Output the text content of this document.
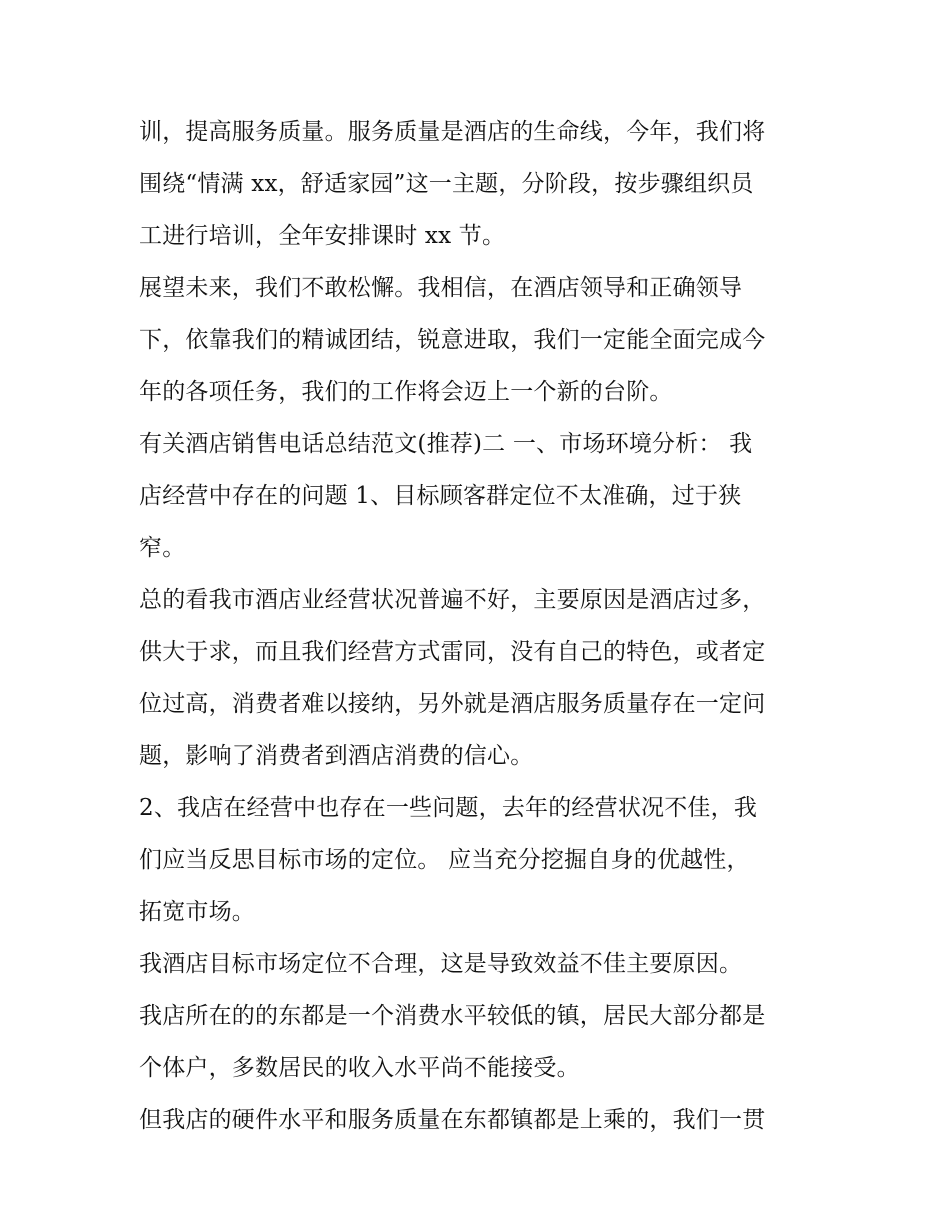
训，提高服务质量。服务质量是酒店的生命线，今年，我们将
围绕“情满 xx，舒适家园”这一主题，分阶段，按步骤组织员
工进行培训，全年安排课时 xx 节。
展望未来，我们不敢松懈。我相信，在酒店领导和正确领导
下，依靠我们的精诚团结，锐意进取，我们一定能全面完成今
年的各项任务，我们的工作将会迈上一个新的台阶。
有关酒店销售电话总结范文(推荐)二 一、市场环境分析： 我
店经营中存在的问题 1、目标顾客群定位不太准确，过于狭
窄。
总的看我市酒店业经营状况普遍不好，主要原因是酒店过多，
供大于求，而且我们经营方式雷同，没有自己的特色，或者定
位过高，消费者难以接纳，另外就是酒店服务质量存在一定问
题，影响了消费者到酒店消费的信心。
2、我店在经营中也存在一些问题，去年的经营状况不佳，我
们应当反思目标市场的定位。 应当充分挖掘自身的优越性，
拓宽市场。
我酒店目标市场定位不合理，这是导致效益不佳主要原因。
我店所在的的东都是一个消费水平较低的镇，居民大部分都是
个体户，多数居民的收入水平尚不能接受。
但我店的硬件水平和服务质量在东都镇都是上乘的，我们一贯
